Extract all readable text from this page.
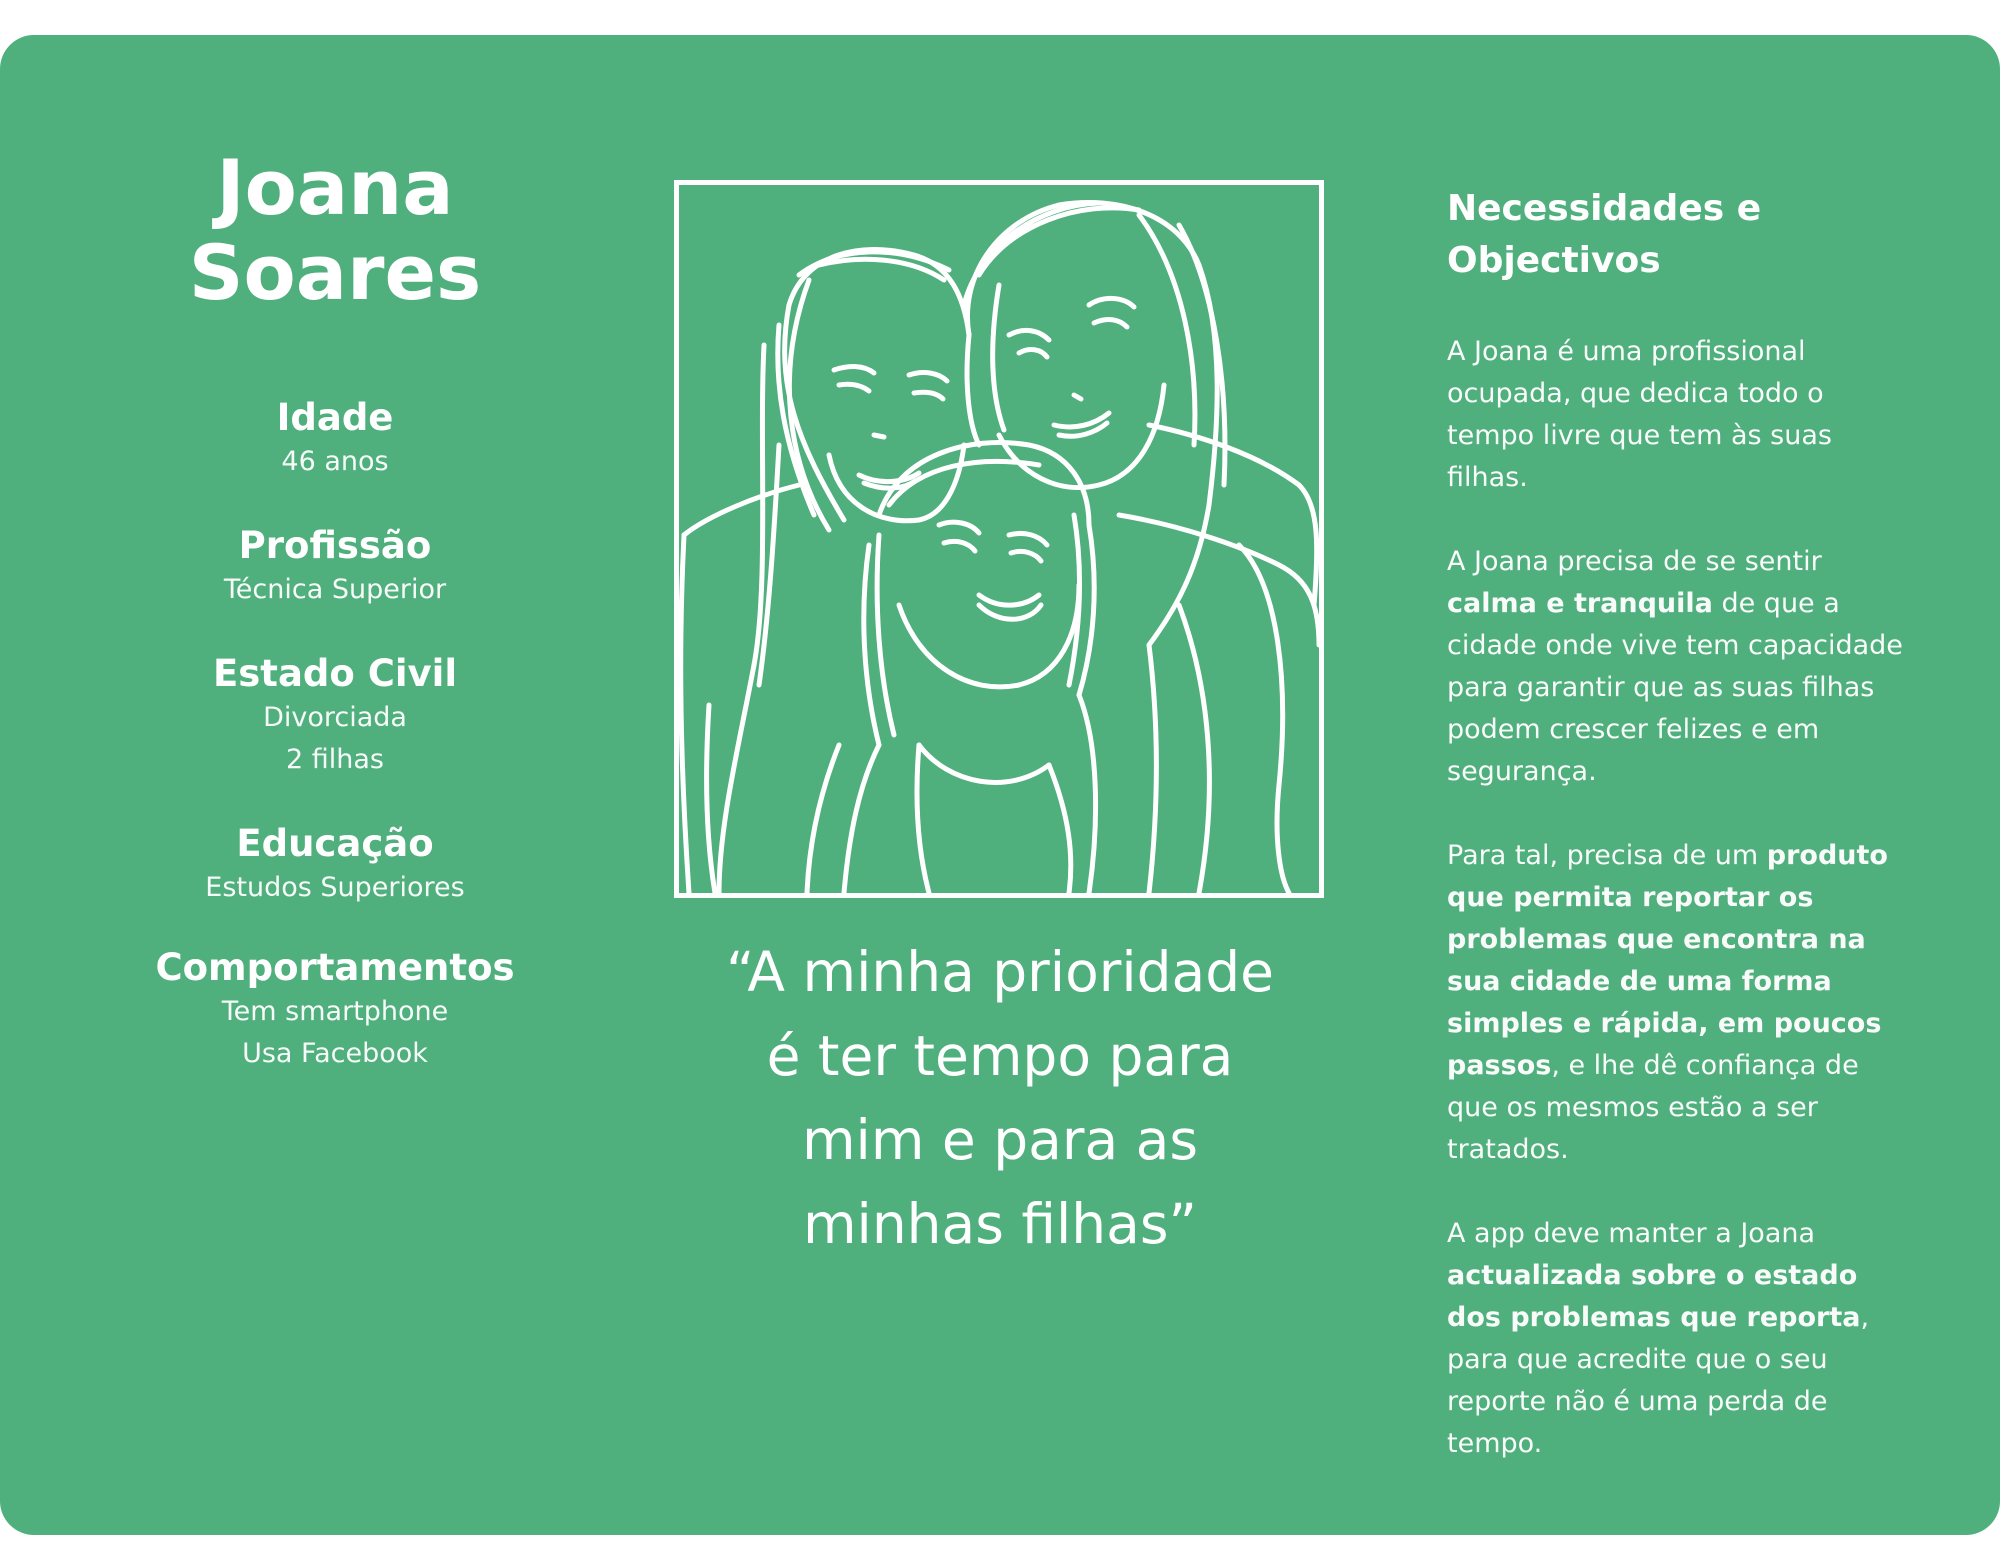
Joana
Soares
Idade
46 anos
Profissão
Técnica Superior
Estado Civil
Divorciada
2 filhas
Educação
Estudos Superiores
Comportamentos
Tem smartphone
Usa Facebook
“A minha prioridade
é ter tempo para
mim e para as
minhas filhas”
Necessidades e
Objectivos

A Joana é uma profissional ocupada, que dedica todo o tempo livre que tem às suas filhas.

A Joana precisa de se sentir calma e tranquila de que a cidade onde vive tem capacidade para garantir que as suas filhas podem crescer felizes e em segurança.

Para tal, precisa de um produto que permita reportar os problemas que encontra na sua cidade de uma forma simples e rápida, em poucos passos, e lhe dê confiança de que os mesmos estão a ser tratados.

A app deve manter a Joana actualizada sobre o estado dos problemas que reporta, para que acredite que o seu reporte não é uma perda de tempo.
